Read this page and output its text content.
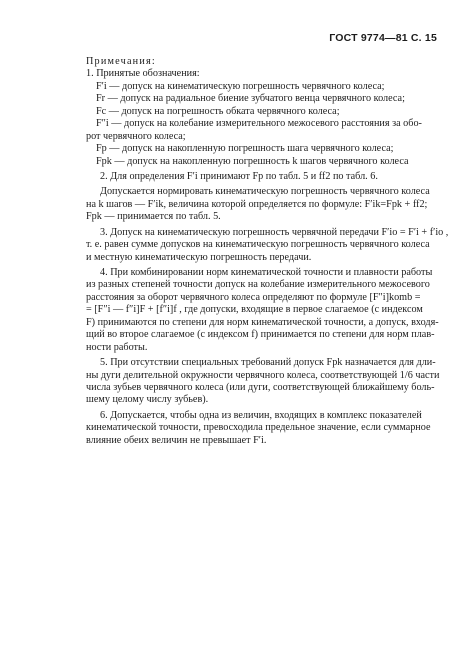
ГОСТ 9774—81 С. 15
Примечания:
1. Принятые обозначения:
F′i — допуск на кинематическую погрешность червячного колеса;
Fr — допуск на радиальное биение зубчатого венца червячного колеса;
Fc — допуск на погрешность обката червячного колеса;
F″i — допуск на колебание измерительного межосевого расстояния за обо-
рот червячного колеса;
Fp — допуск на накопленную погрешность шага червячного колеса;
Fpk — допуск на накопленную погрешность k шагов червячного колеса
2. Для определения F′i принимают Fp по табл. 5 и ff2 по табл. 6.
Допускается нормировать кинематическую погрешность червячного колеса
на k шагов — F′ik, величина которой определяется по формуле: F′ik=Fpk + ff2;
Fpk — принимается по табл. 5.
3. Допуск на кинематическую погрешность червячной передачи F′io = F′i + f′io ,
т. е. равен сумме допусков на кинематическую погрешность червячного колеса
и местную кинематическую погрешность передачи.
4. При комбинировании норм кинематической точности и плавности работы
из разных степеней точности допуск на колебание измерительного межосевого
расстояния за оборот червячного колеса определяют по формуле [F″i]komb =
= [F″i — f″i]F + [f″i]f , где допуски, входящие в первое слагаемое (с индексом
F) принимаются по степени для норм кинематической точности, а допуск, входя-
щий во второе слагаемое (с индексом f) принимается по степени для норм плав-
ности работы.
5. При отсутствии специальных требований допуск Fpk назначается для дли-
ны дуги делительной окружности червячного колеса, соответствующей 1/6 части
числа зубьев червячного колеса (или дуги, соответствующей ближайшему боль-
шему целому числу зубьев).
6. Допускается, чтобы одна из величин, входящих в комплекс показателей
кинематической точности, превосходила предельное значение, если суммарное
влияние обеих величин не превышает F′i.
